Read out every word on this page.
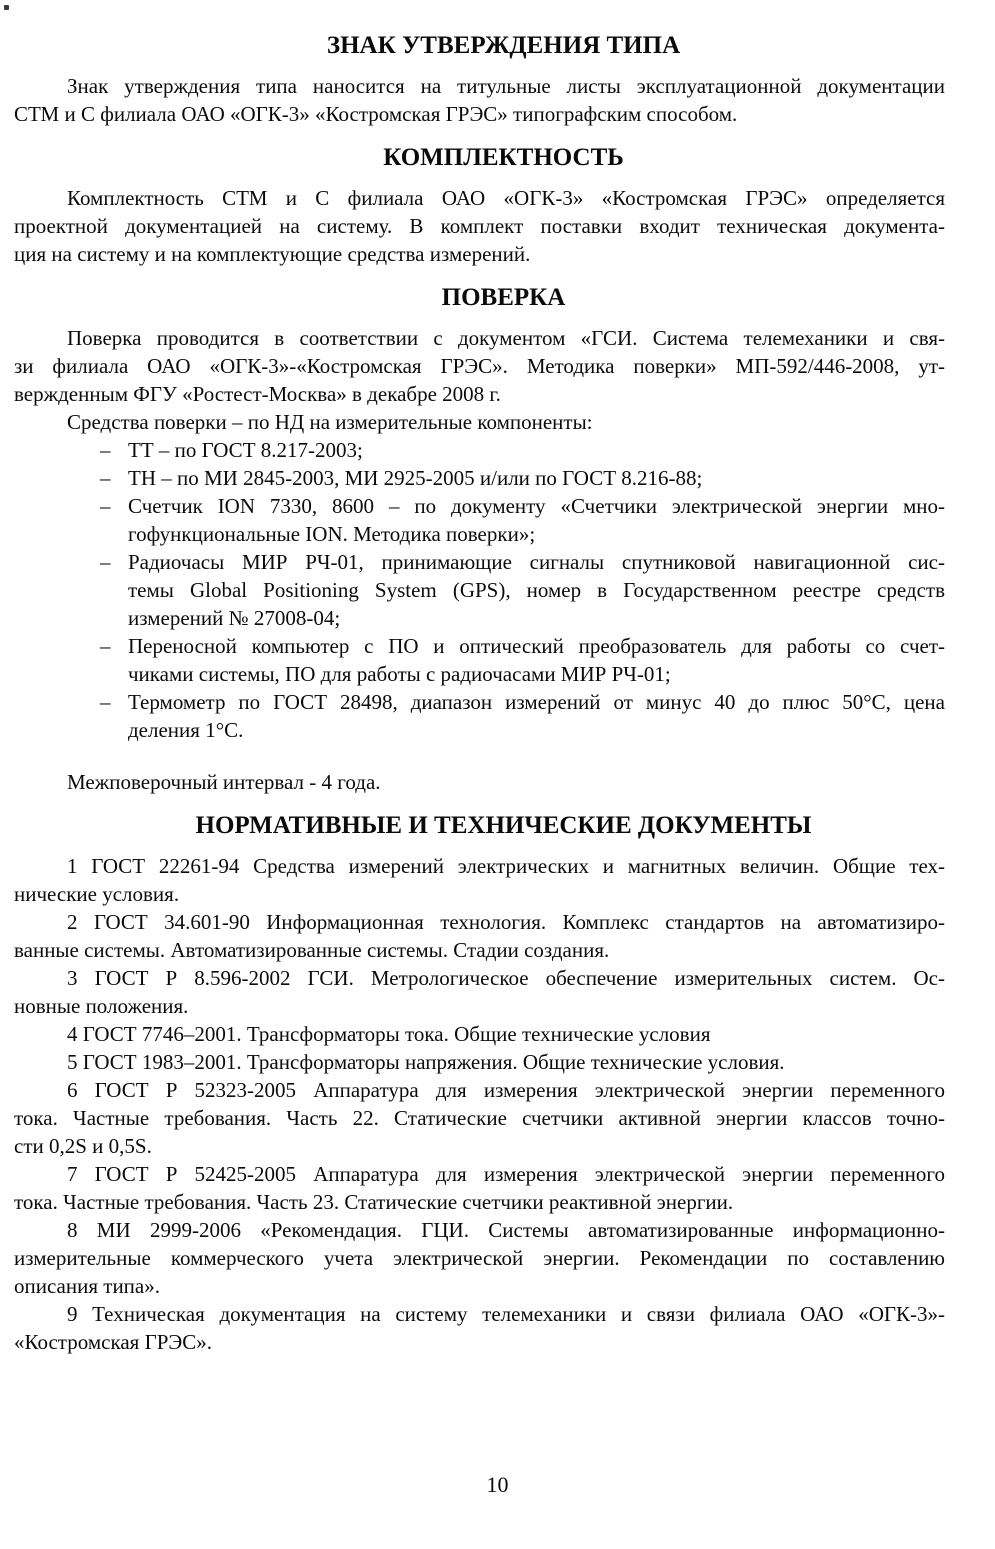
ЗНАК УТВЕРЖДЕНИЯ ТИПА
Знак утверждения типа наносится на титульные листы эксплуатационной документации
СТМ и С филиала ОАО «ОГК-3» «Костромская ГРЭС» типографским способом.
КОМПЛЕКТНОСТЬ
Комплектность СТМ и С филиала ОАО «ОГК-3» «Костромская ГРЭС» определяется
проектной документацией на систему. В комплект поставки входит техническая документа-
ция на систему и на комплектующие средства измерений.
ПОВЕРКА
Поверка проводится в соответствии с документом «ГСИ. Система телемеханики и свя-
зи филиала ОАО «ОГК-3»-«Костромская ГРЭС». Методика поверки» МП-592/446-2008, ут-
вержденным ФГУ «Ростест-Москва» в декабре 2008 г.
Средства поверки – по НД на измерительные компоненты:
– ТТ – по ГОСТ 8.217-2003;
– ТН – по МИ 2845-2003, МИ 2925-2005 и/или по ГОСТ 8.216-88;
– Счетчик ION 7330, 8600 – по документу «Счетчики электрической энергии мно-
гофункциональные ION. Методика поверки»;
– Радиочасы МИР РЧ-01, принимающие сигналы спутниковой навигационной сис-
темы Global Positioning System (GPS), номер в Государственном реестре средств
измерений № 27008-04;
– Переносной компьютер с ПО и оптический преобразователь для работы со счет-
чиками системы, ПО для работы с радиочасами МИР РЧ-01;
– Термометр по ГОСТ 28498, диапазон измерений от минус 40 до плюс 50°С, цена
деления 1°С.
Межповерочный интервал - 4 года.
НОРМАТИВНЫЕ И ТЕХНИЧЕСКИЕ ДОКУМЕНТЫ
1 ГОСТ 22261-94 Средства измерений электрических и магнитных величин. Общие тех-
нические условия.
2 ГОСТ 34.601-90 Информационная технология. Комплекс стандартов на автоматизиро-
ванные системы. Автоматизированные системы. Стадии создания.
3 ГОСТ Р 8.596-2002 ГСИ. Метрологическое обеспечение измерительных систем. Ос-
новные положения.
4 ГОСТ 7746–2001. Трансформаторы тока. Общие технические условия
5 ГОСТ 1983–2001. Трансформаторы напряжения. Общие технические условия.
6 ГОСТ Р 52323-2005 Аппаратура для измерения электрической энергии переменного
тока. Частные требования. Часть 22. Статические счетчики активной энергии классов точно-
сти 0,2S и 0,5S.
7 ГОСТ Р 52425-2005 Аппаратура для измерения электрической энергии переменного
тока. Частные требования. Часть 23. Статические счетчики реактивной энергии.
8 МИ 2999-2006 «Рекомендация. ГЦИ. Системы автоматизированные информационно-
измерительные коммерческого учета электрической энергии. Рекомендации по составлению
описания типа».
9 Техническая документация на систему телемеханики и связи филиала ОАО «ОГК-3»-
«Костромская ГРЭС».
10
